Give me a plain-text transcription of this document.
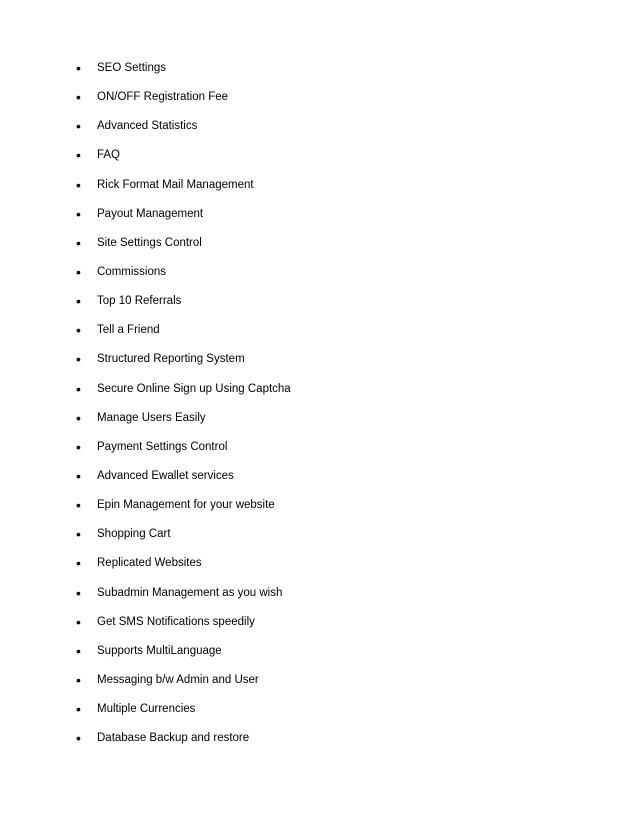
• SEO Settings
• ON/OFF Registration Fee
• Advanced Statistics
• FAQ
• Rick Format Mail Management
• Payout Management
• Site Settings Control
• Commissions
• Top 10 Referrals
• Tell a Friend
• Structured Reporting System
• Secure Online Sign up Using Captcha
• Manage Users Easily
• Payment Settings Control
• Advanced Ewallet services
• Epin Management for your website
• Shopping Cart
• Replicated Websites
• Subadmin Management as you wish
• Get SMS Notifications speedily
• Supports MultiLanguage
• Messaging b/w Admin and User
• Multiple Currencies
• Database Backup and restore
